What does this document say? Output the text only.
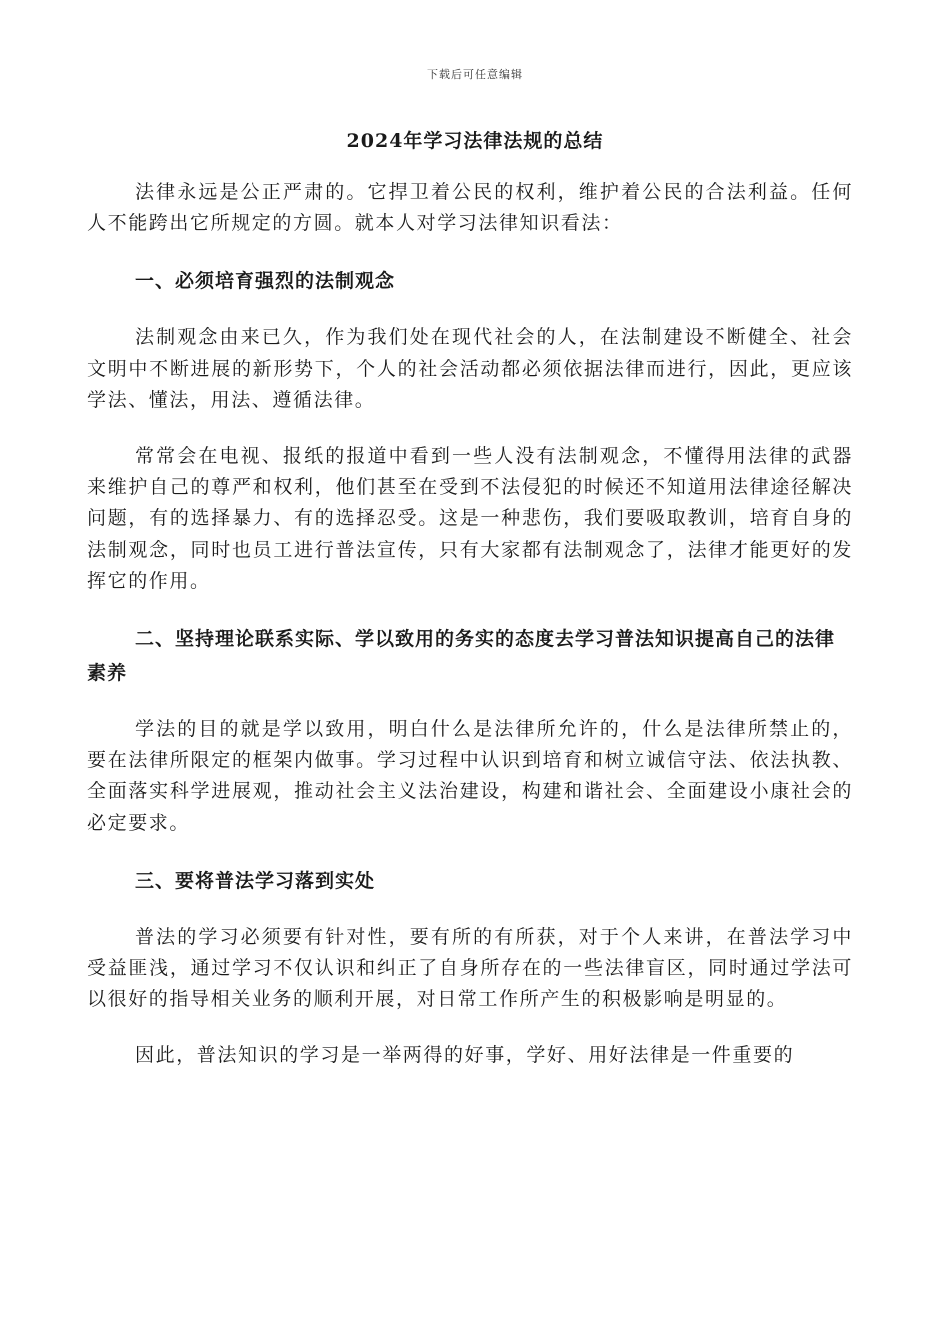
下载后可任意编辑
2024年学习法律法规的总结

法律永远是公正严肃的。它捍卫着公民的权利，维护着公民的合法利益。任何人不能跨出它所规定的方圆。就本人对学习法律知识看法：

一、必须培育强烈的法制观念

法制观念由来已久，作为我们处在现代社会的人，在法制建设不断健全、社会文明中不断进展的新形势下，个人的社会活动都必须依据法律而进行，因此，更应该学法、懂法，用法、遵循法律。

常常会在电视、报纸的报道中看到一些人没有法制观念，不懂得用法律的武器来维护自己的尊严和权利，他们甚至在受到不法侵犯的时候还不知道用法律途径解决问题，有的选择暴力、有的选择忍受。这是一种悲伤，我们要吸取教训，培育自身的法制观念，同时也员工进行普法宣传，只有大家都有法制观念了，法律才能更好的发挥它的作用。

二、坚持理论联系实际、学以致用的务实的态度去学习普法知识提高自己的法律素养

学法的目的就是学以致用，明白什么是法律所允许的，什么是法律所禁止的，要在法律所限定的框架内做事。学习过程中认识到培育和树立诚信守法、依法执教、全面落实科学进展观，推动社会主义法治建设，构建和谐社会、全面建设小康社会的必定要求。

三、要将普法学习落到实处

普法的学习必须要有针对性，要有所的有所获，对于个人来讲，在普法学习中受益匪浅，通过学习不仅认识和纠正了自身所存在的一些法律盲区，同时通过学法可以很好的指导相关业务的顺利开展，对日常工作所产生的积极影响是明显的。

因此，普法知识的学习是一举两得的好事，学好、用好法律是一件重要的
